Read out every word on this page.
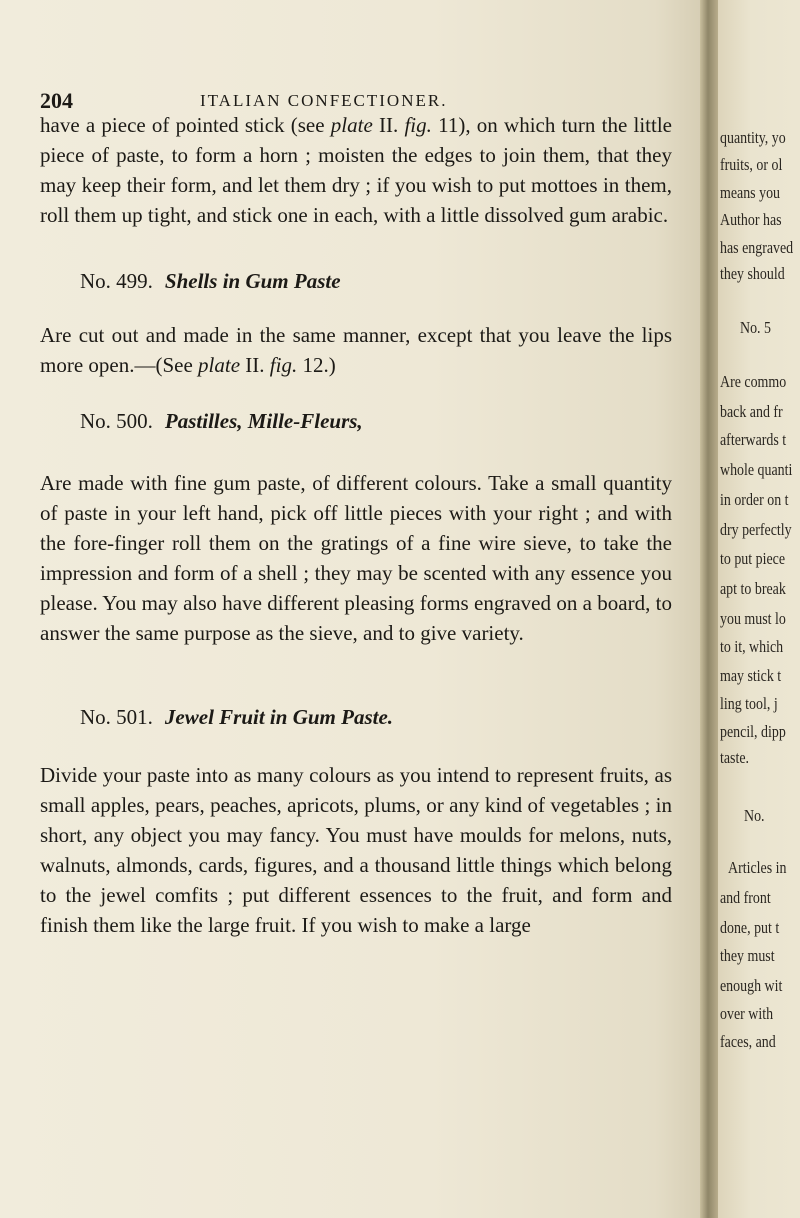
204	ITALIAN CONFECTIONER.

have a piece of pointed stick (see plate II. fig. 11), on which turn the little piece of paste, to form a horn ; moisten the edges to join them, that they may keep their form, and let them dry ; if you wish to put mottoes in them, roll them up tight, and stick one in each, with a little dissolved gum arabic.

No. 499. Shells in Gum Paste

Are cut out and made in the same manner, except that you leave the lips more open.—(See plate II. fig. 12.)

No. 500. Pastilles, Mille-Fleurs,

Are made with fine gum paste, of different colours. Take a small quantity of paste in your left hand, pick off little pieces with your right ; and with the fore-finger roll them on the gratings of a fine wire sieve, to take the impression and form of a shell ; they may be scented with any essence you please. You may also have different pleasing forms engraved on a board, to answer the same purpose as the sieve, and to give variety.

No. 501. Jewel Fruit in Gum Paste.

Divide your paste into as many colours as you intend to represent fruits, as small apples, pears, peaches, apricots, plums, or any kind of vegetables ; in short, any object you may fancy. You must have moulds for melons, nuts, walnuts, almonds, cards, figures, and a thousand little things which belong to the jewel comfits ; put different essences to the fruit, and form and finish them like the large fruit. If you wish to make a large

quantity, yo
fruits, or ol
means you
Author has
has engraved
they should
No. 5
Are commo
back and fr
afterwards t
whole quanti
in order on t
dry perfectly
to put piece
apt to break
you must lo
to it, which
may stick t
ling tool, j
pencil, dipp
taste.
No.
Articles in
and front
done, put t
they must
enough wit
over with
faces, and
